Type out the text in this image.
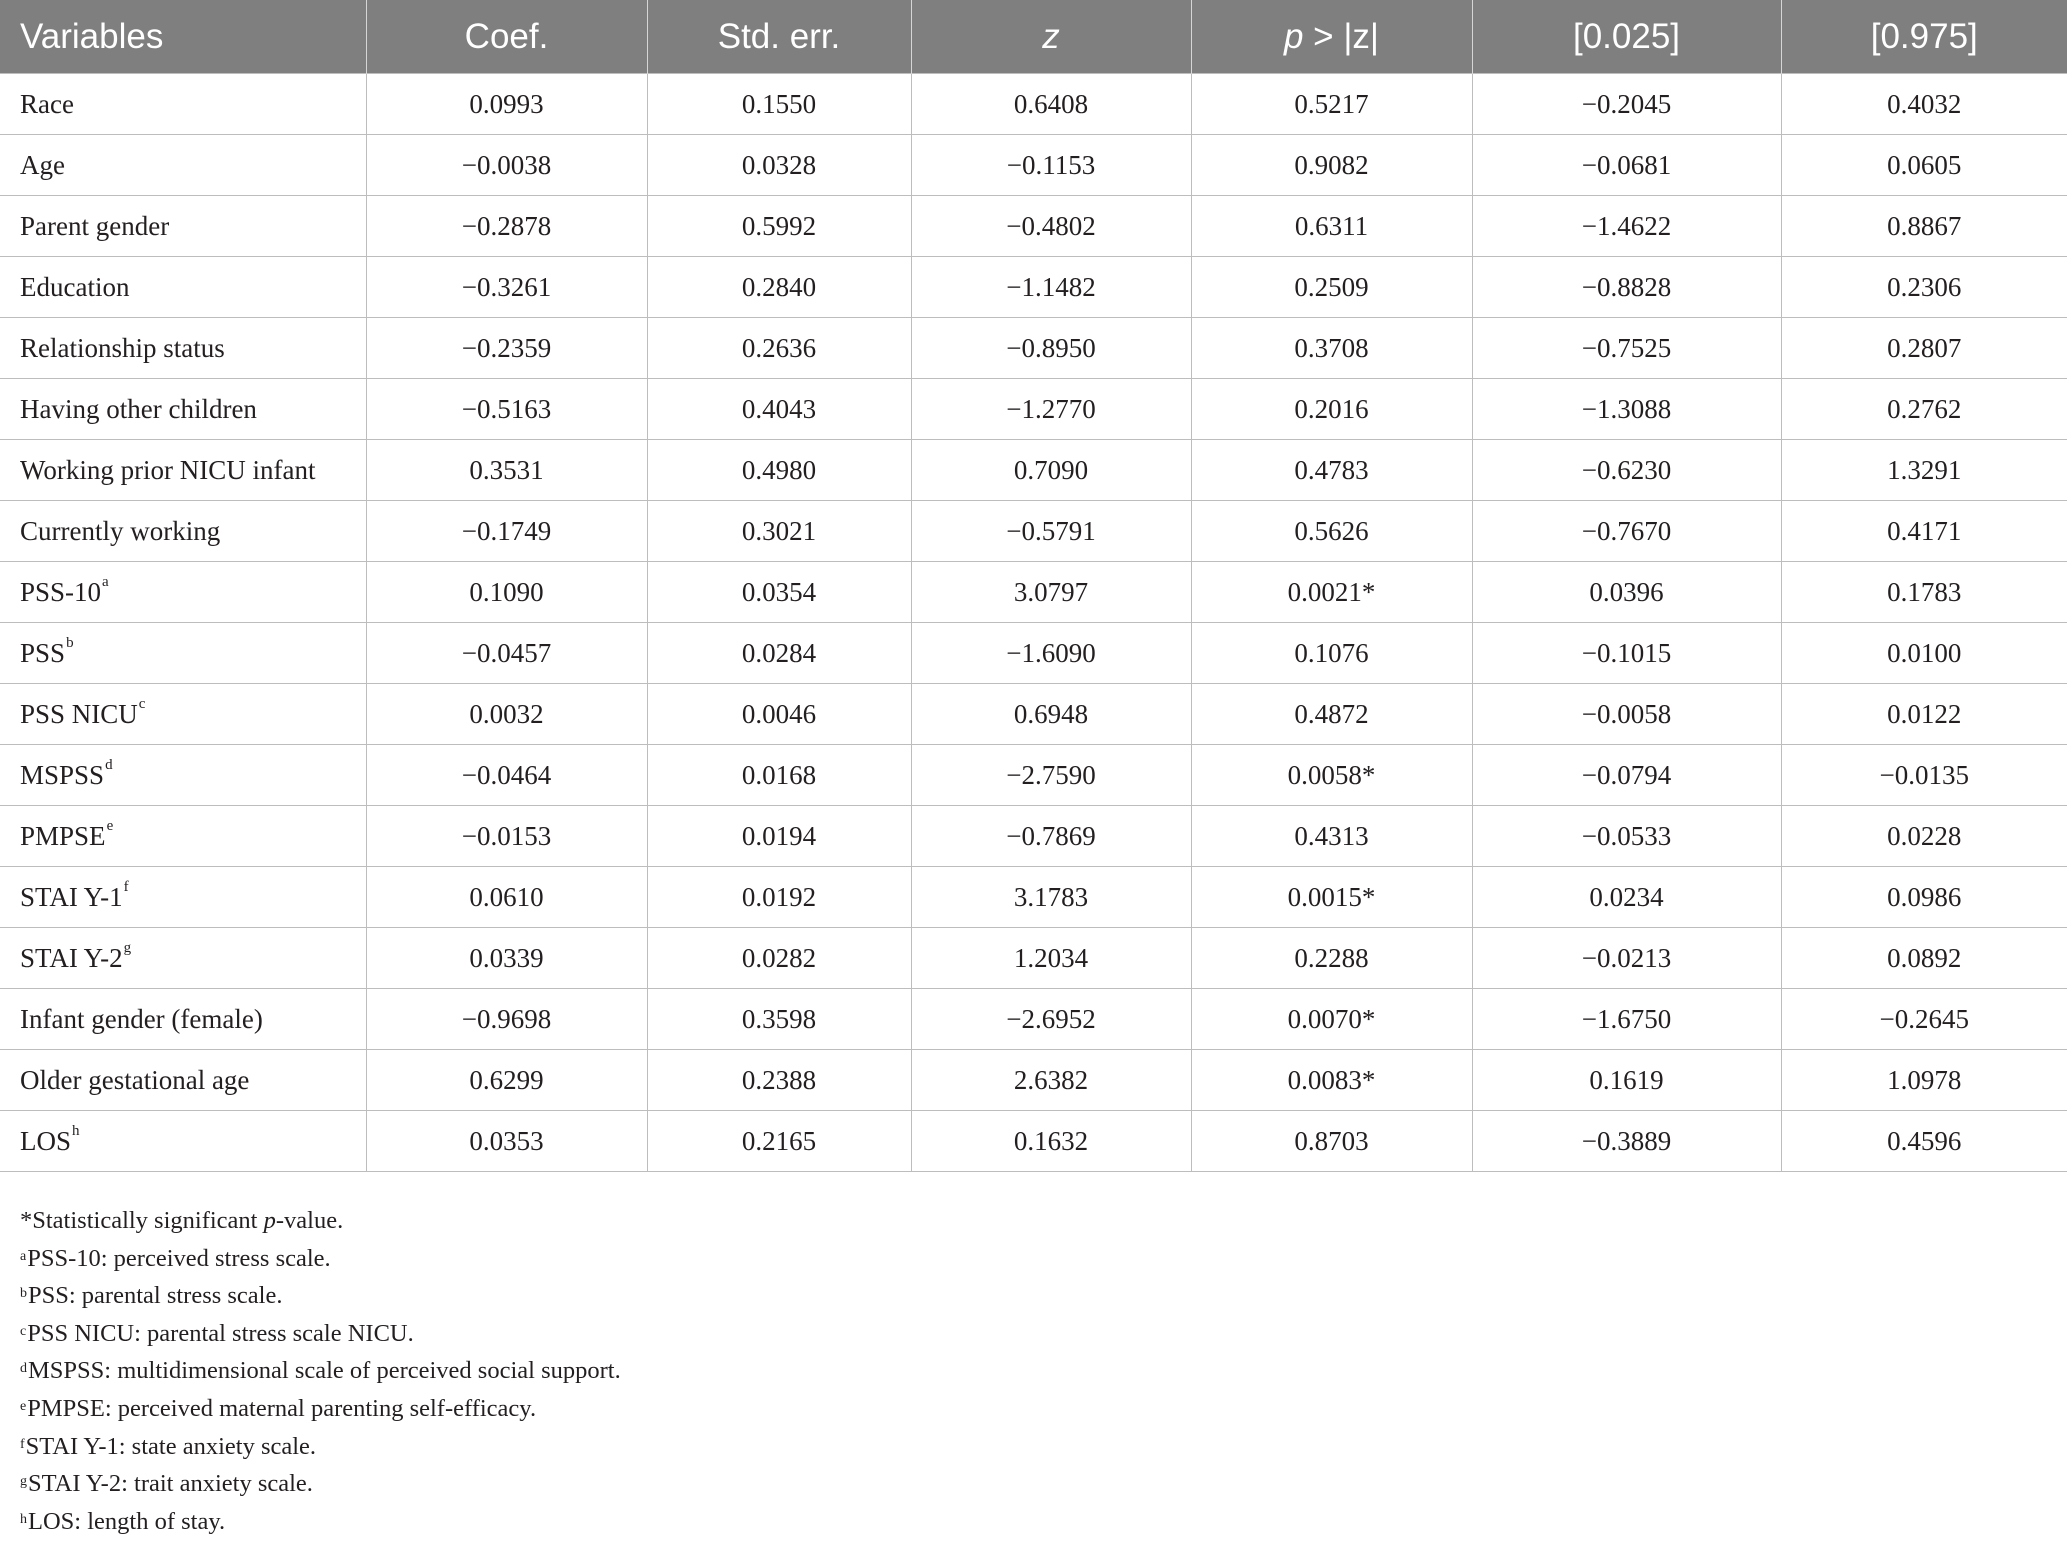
Variables	Coef.	Std. err.	z	p > |z|	[0.025]	[0.975]
Race	0.0993	0.1550	0.6408	0.5217	−0.2045	0.4032
Age	−0.0038	0.0328	−0.1153	0.9082	−0.0681	0.0605
Parent gender	−0.2878	0.5992	−0.4802	0.6311	−1.4622	0.8867
Education	−0.3261	0.2840	−1.1482	0.2509	−0.8828	0.2306
Relationship status	−0.2359	0.2636	−0.8950	0.3708	−0.7525	0.2807
Having other children	−0.5163	0.4043	−1.2770	0.2016	−1.3088	0.2762
Working prior NICU infant	0.3531	0.4980	0.7090	0.4783	−0.6230	1.3291
Currently working	−0.1749	0.3021	−0.5791	0.5626	−0.7670	0.4171
PSS-10$^a$	0.1090	0.0354	3.0797	0.0021*	0.0396	0.1783
$PSS^b$	−0.0457	0.0284	−1.6090	0.1076	−0.1015	0.0100
PSS NICU$^c$	0.0032	0.0046	0.6948	0.4872	−0.0058	0.0122
$MSPSS^d$	−0.0464	0.0168	−2.7590	0.0058*	−0.0794	−0.0135
$PMPSE^e$	−0.0153	0.0194	−0.7869	0.4313	−0.0533	0.0228
STAI Y-1$^f$	0.0610	0.0192	3.1783	0.0015*	0.0234	0.0986
STAI Y-2$^g$	0.0339	0.0282	1.2034	0.2288	−0.0213	0.0892
Infant gender (female)	−0.9698	0.3598	−2.6952	0.0070*	−1.6750	−0.2645
Older gestational age	0.6299	0.2388	2.6382	0.0083*	0.1619	1.0978
LOS$^h$	0.0353	0.2165	0.1632	0.8703	−0.3889	0.4596
*Statistically significant p-value.
$^a$PSS-10: perceived stress scale.
$^b$PSS: parental stress scale.
$^c$PSS NICU: parental stress scale NICU.
$^d$MSPSS: multidimensional scale of perceived social support.
$^e$PMPSE: perceived maternal parenting self-efficacy.
$^f$STAI Y-1: state anxiety scale.
$^g$STAI Y-2: trait anxiety scale.
$^h$LOS: length of stay.
